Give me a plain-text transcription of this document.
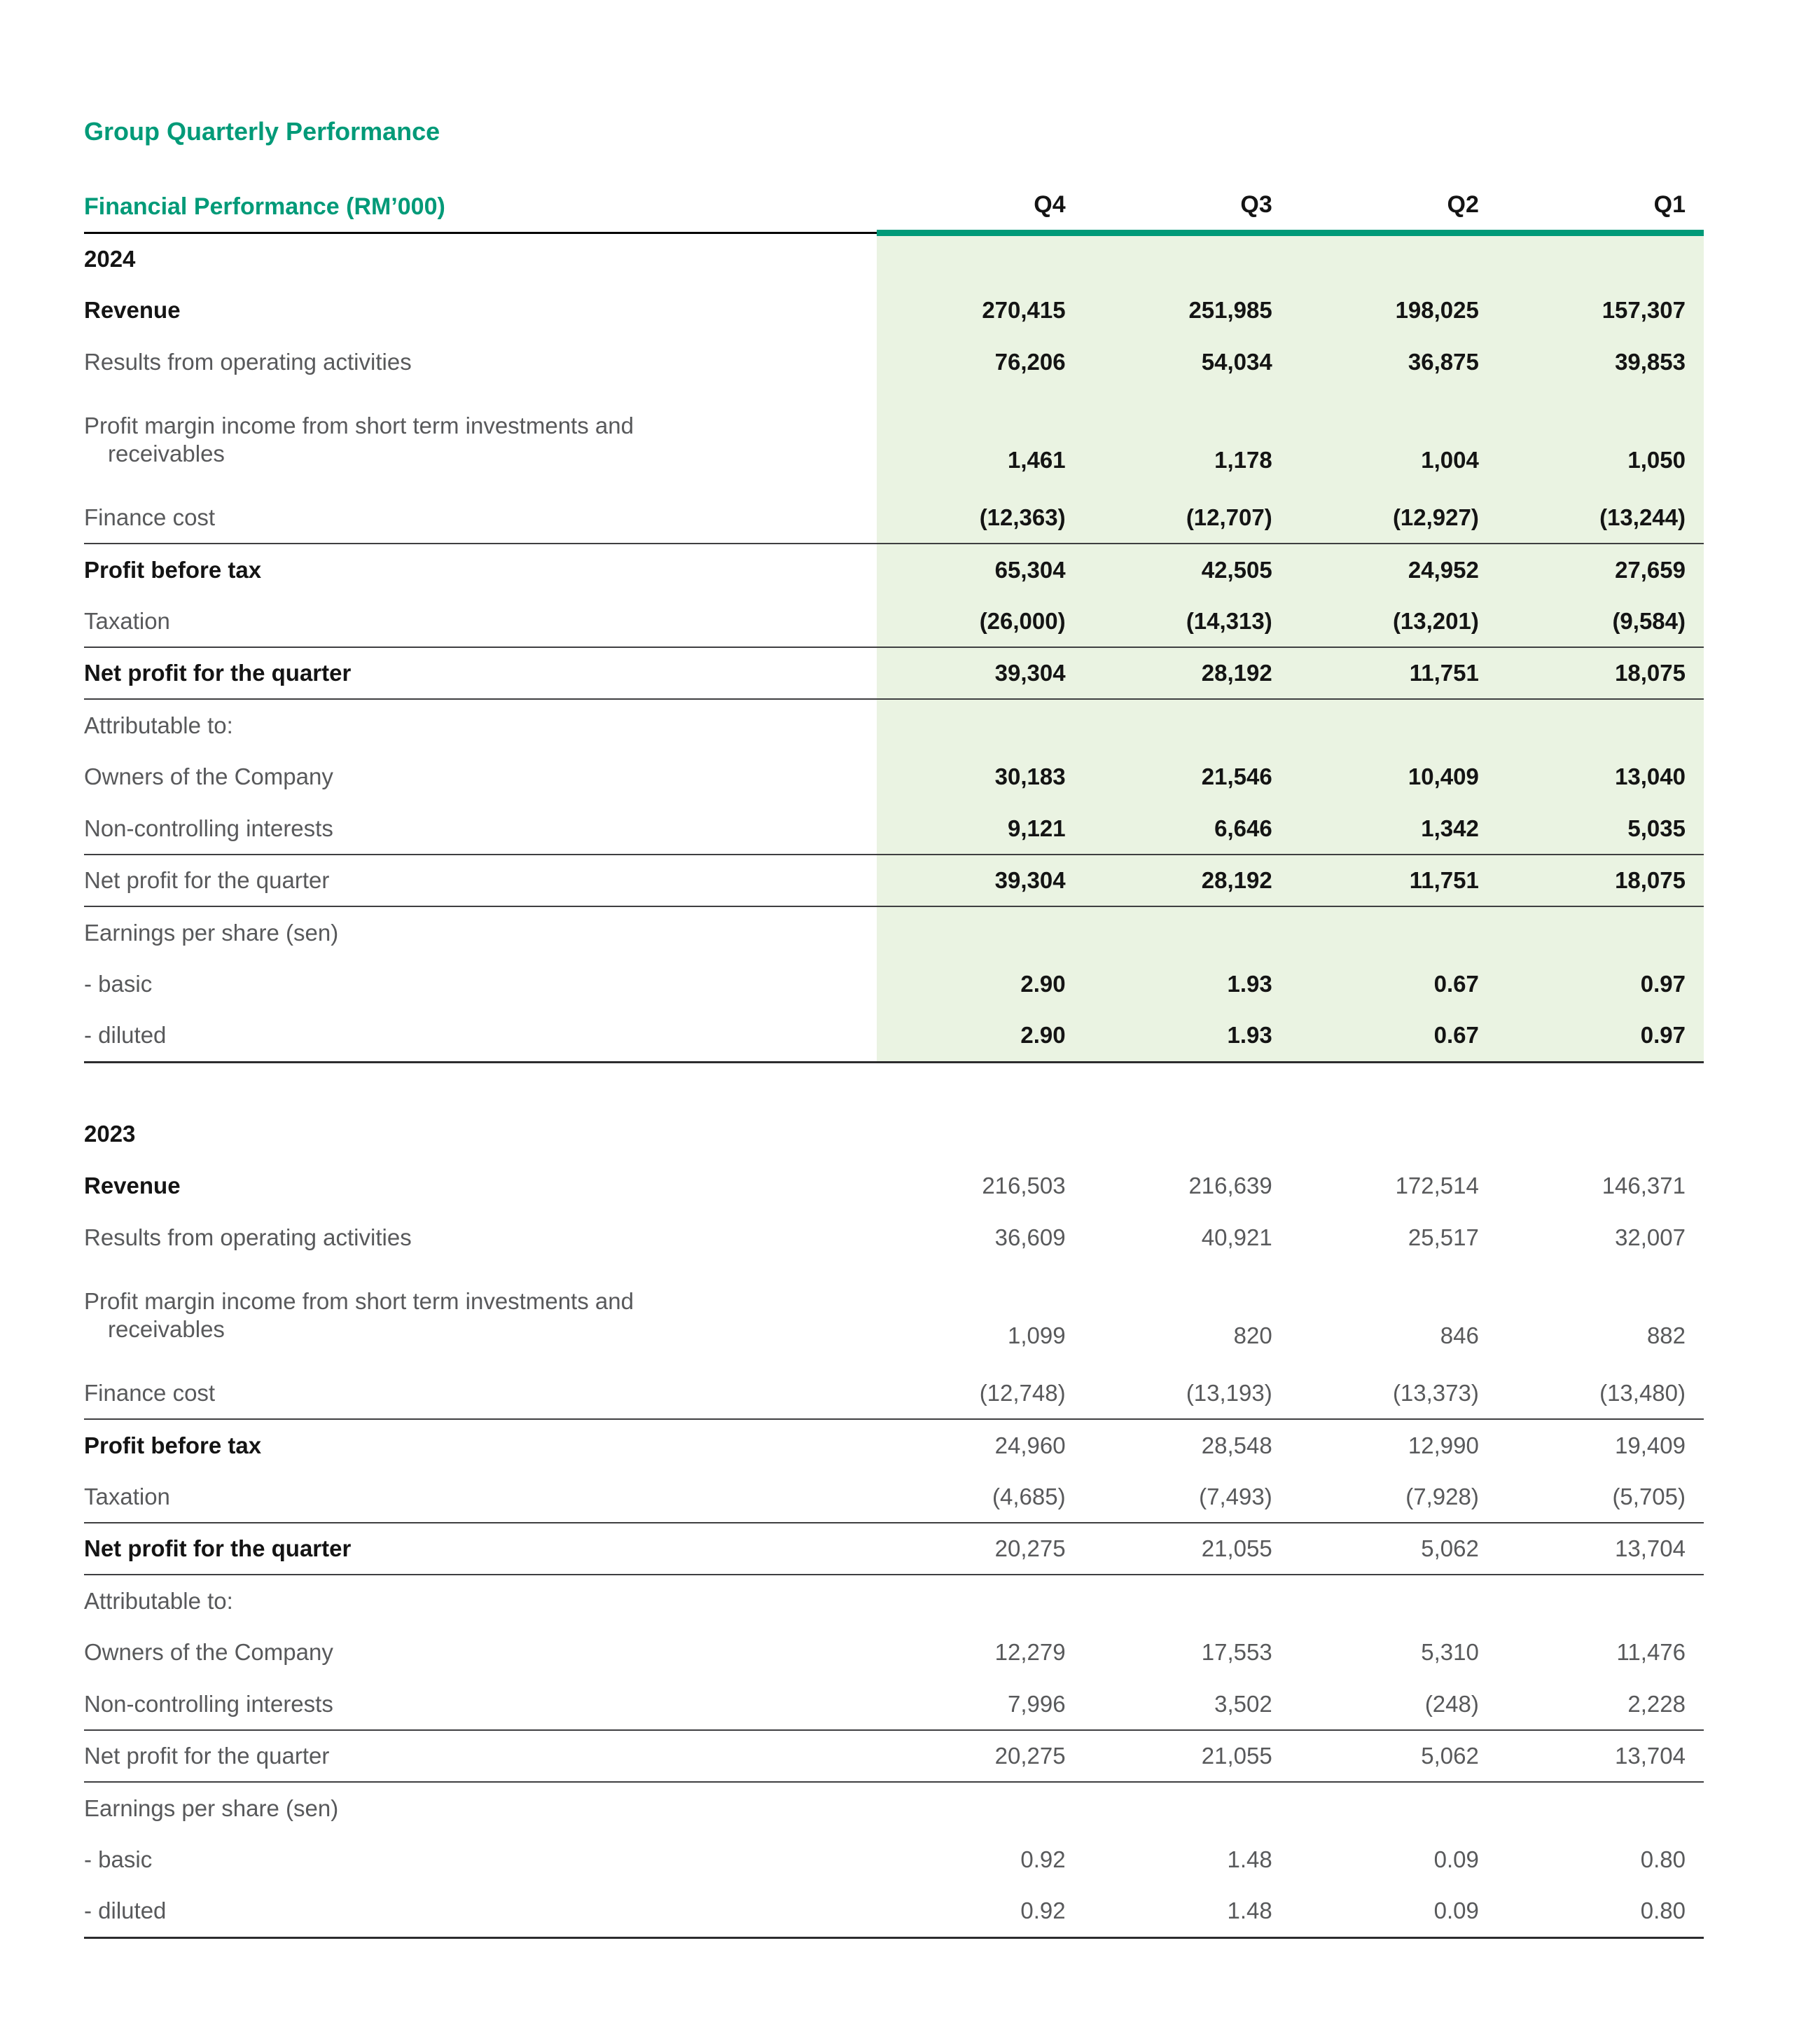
Group Quarterly Performance
Financial Performance (RM’000)	Q4	Q3	Q2	Q1
2024				
Revenue	270,415	251,985	198,025	157,307
Results from operating activities	76,206	54,034	36,875	39,853

Profit margin income from short term investments and
receivables	1,461	1,178	1,004	1,050
Finance cost	(12,363)	(12,707)	(12,927)	(13,244)
Profit before tax	65,304	42,505	24,952	27,659
Taxation	(26,000)	(14,313)	(13,201)	(9,584)
Net profit for the quarter	39,304	28,192	11,751	18,075
Attributable to:				
Owners of the Company	30,183	21,546	10,409	13,040
Non-controlling interests	9,121	6,646	1,342	5,035
Net profit for the quarter	39,304	28,192	11,751	18,075
Earnings per share (sen)				
- basic	2.90	1.93	0.67	0.97
- diluted	2.90	1.93	0.67	0.97

2023				
Revenue	216,503	216,639	172,514	146,371
Results from operating activities	36,609	40,921	25,517	32,007

Profit margin income from short term investments and
receivables	1,099	820	846	882
Finance cost	(12,748)	(13,193)	(13,373)	(13,480)
Profit before tax	24,960	28,548	12,990	19,409
Taxation	(4,685)	(7,493)	(7,928)	(5,705)
Net profit for the quarter	20,275	21,055	5,062	13,704
Attributable to:				
Owners of the Company	12,279	17,553	5,310	11,476
Non-controlling interests	7,996	3,502	(248)	2,228
Net profit for the quarter	20,275	21,055	5,062	13,704
Earnings per share (sen)				
- basic	0.92	1.48	0.09	0.80
- diluted	0.92	1.48	0.09	0.80
